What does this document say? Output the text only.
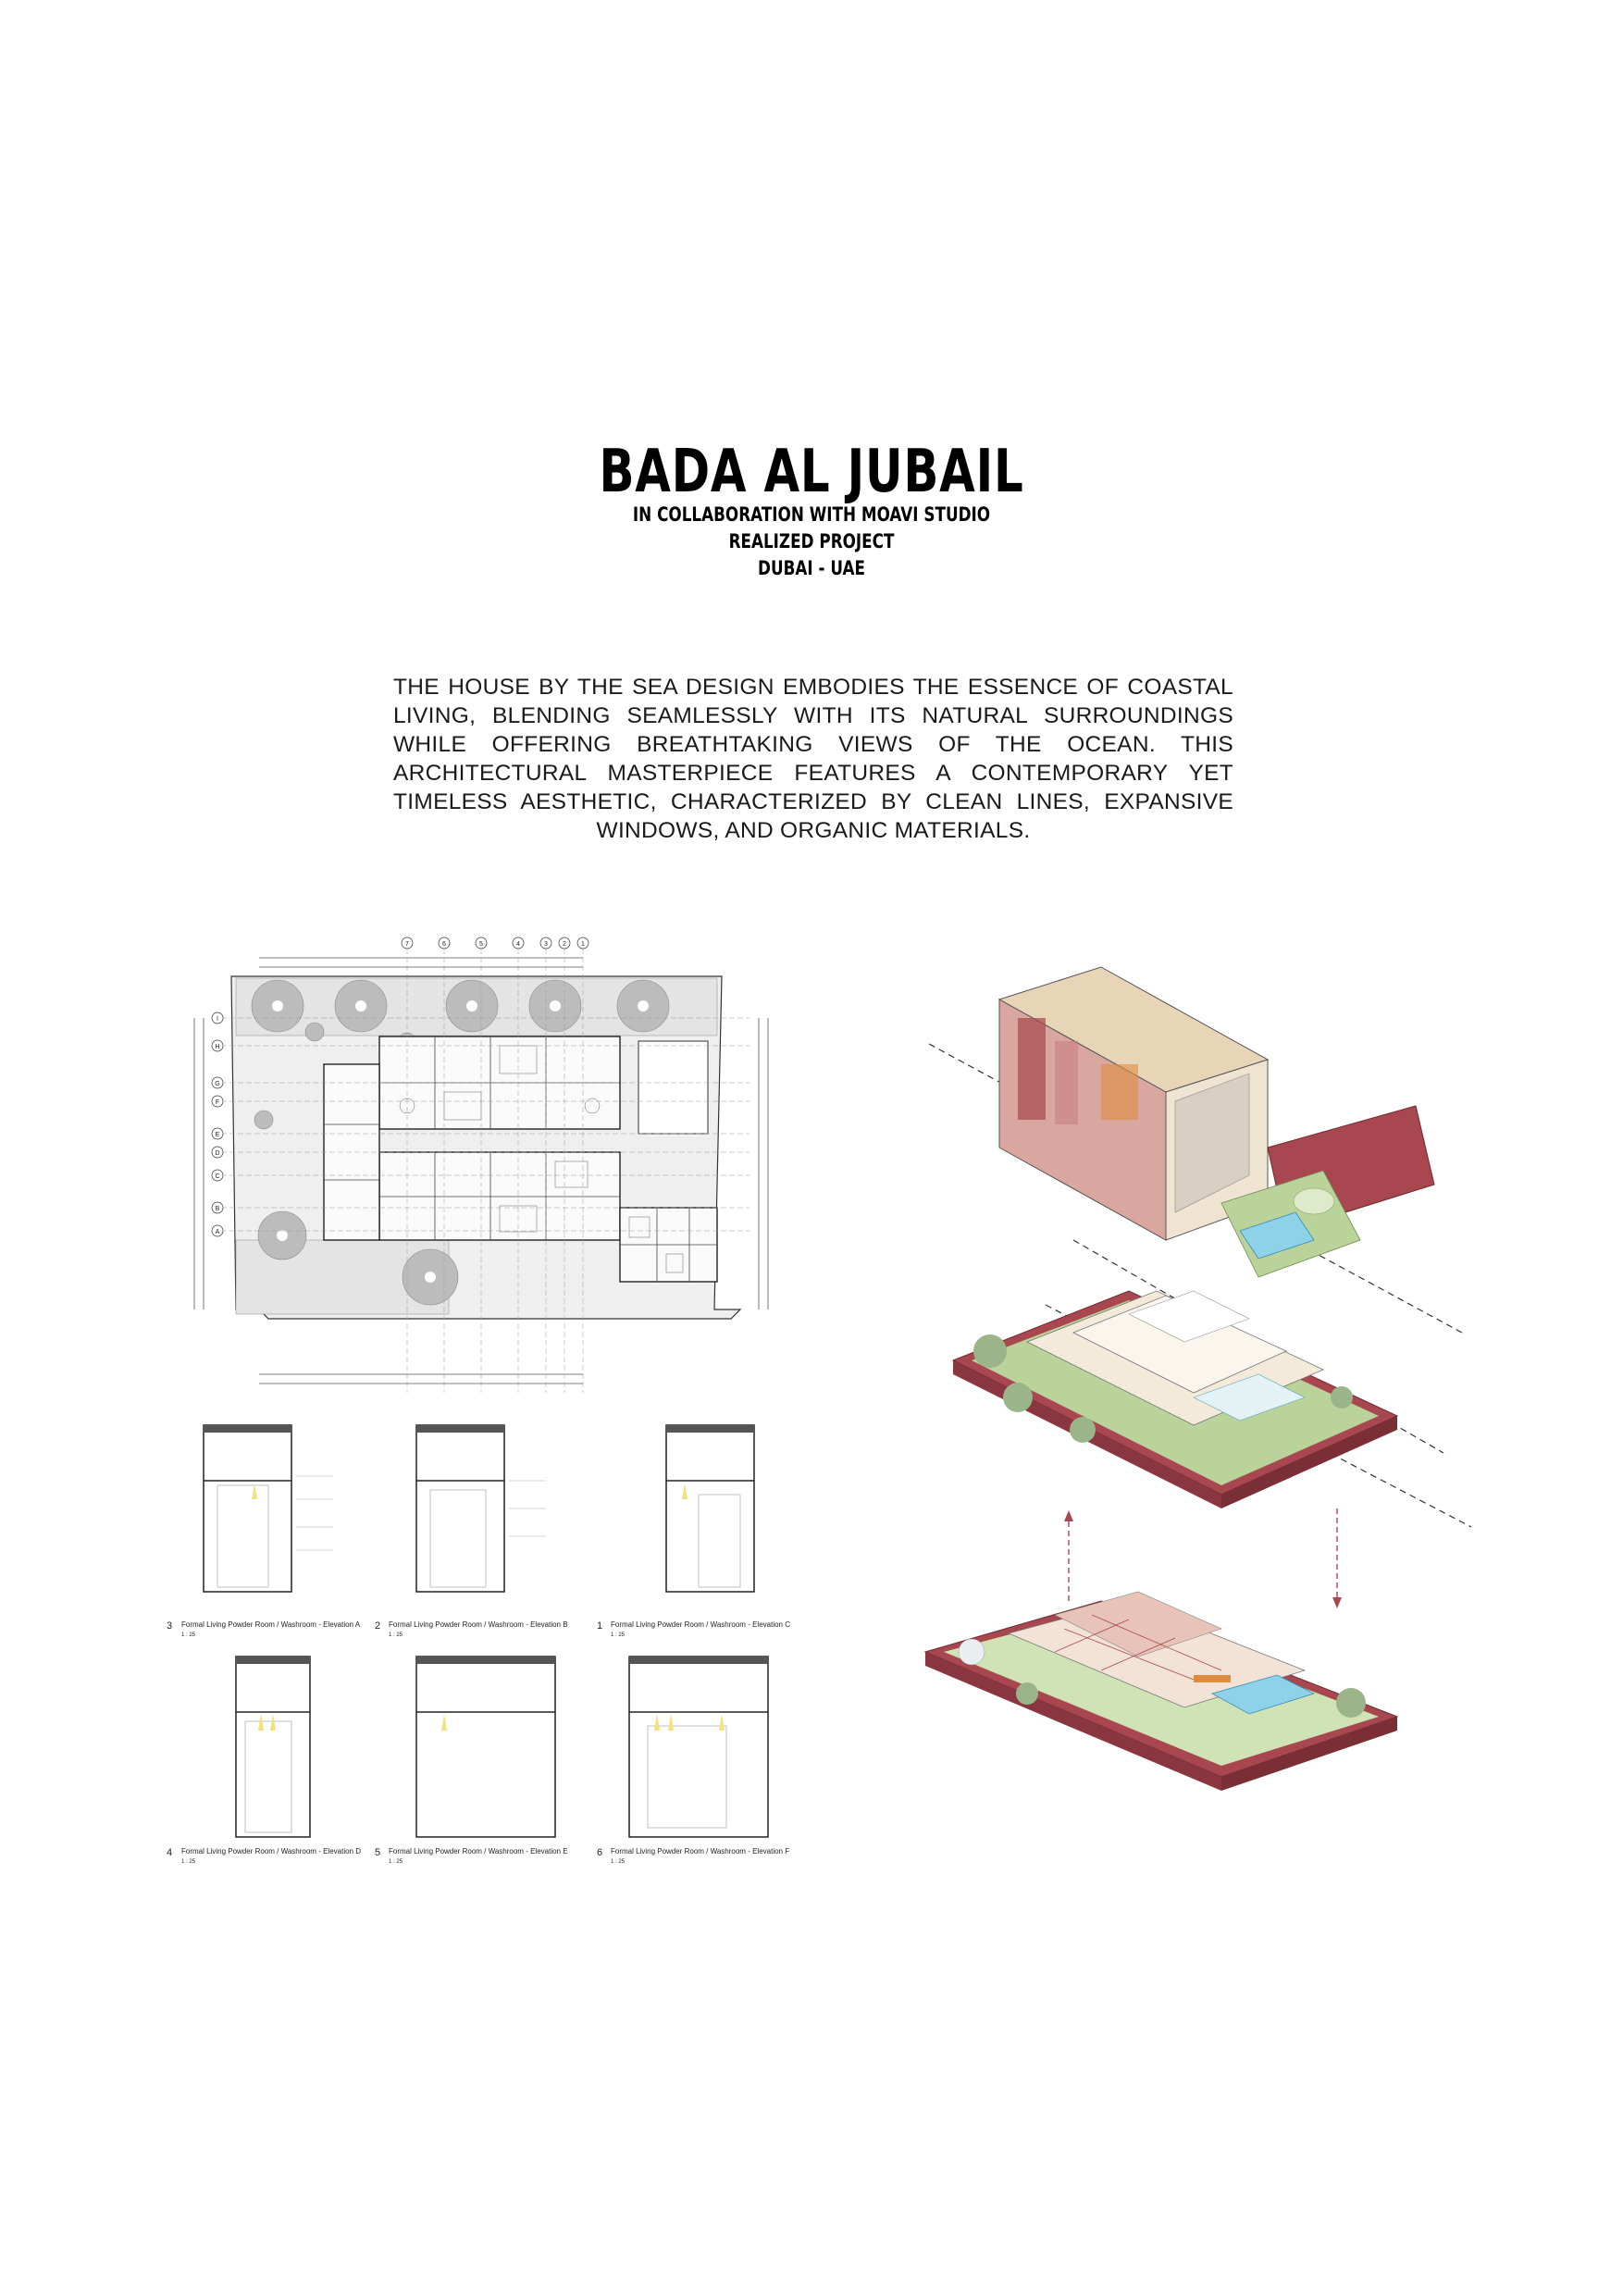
BADA AL JUBAIL
IN COLLABORATION WITH MOAVI STUDIO
REALIZED PROJECT
DUBAI - UAE
THE HOUSE BY THE SEA DESIGN EMBODIES THE ESSENCE OF COASTAL LIVING, BLENDING SEAMLESSLY WITH ITS NATURAL SURROUNDINGS WHILE OFFERING BREATHTAKING VIEWS OF THE OCEAN. THIS ARCHITECTURAL MASTERPIECE FEATURES A CONTEMPORARY YET TIMELESS AESTHETIC, CHARACTERIZED BY CLEAN LINES, EXPANSIVE WINDOWS, AND ORGANIC MATERIALS.
I
H
G
F
E
D
C
B
A
7	6	5	4	3 2 1
3 Formal Living Powder Room / Washroom - Elevation A
1 : 25
2 Formal Living Powder Room / Washroom - Elevation B
1 : 25
1 Formal Living Powder Room / Washroom - Elevation C
1 : 25
4 Formal Living Powder Room / Washroom - Elevation D
1 : 25
5 Formal Living Powder Room / Washroom - Elevation E
1 : 25
6 Formal Living Powder Room / Washroom - Elevation F
1 : 25
